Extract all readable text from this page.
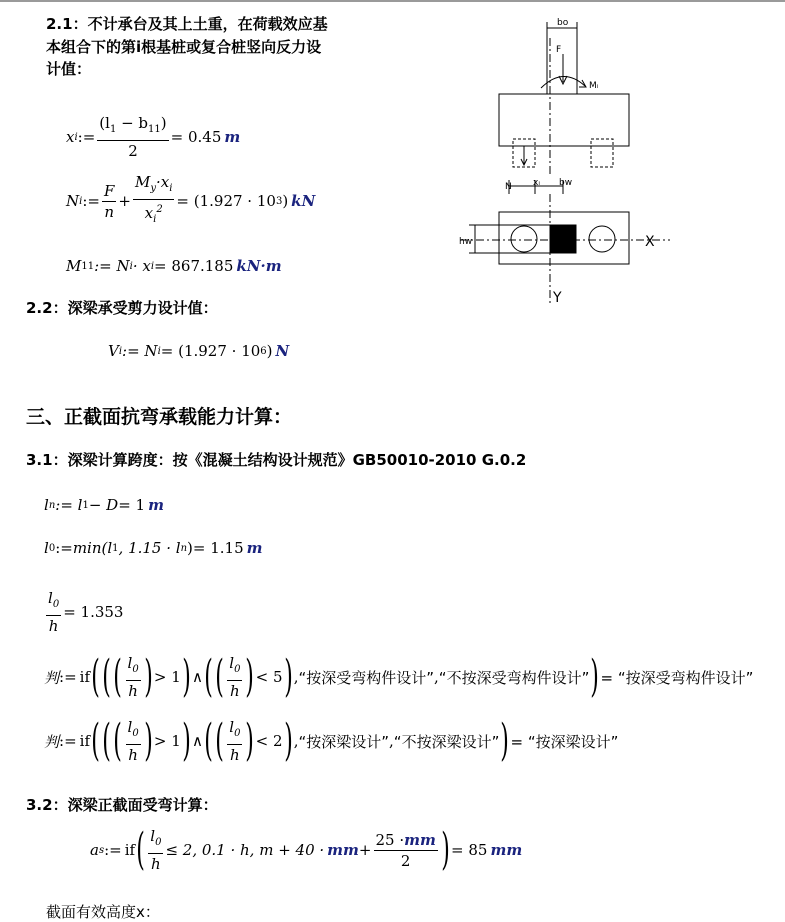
2.1：不计承台及其上土重，在荷载效应基
本组合下的第i根基桩或复合桩竖向反力设
计值：
x i := $\frac{(l_1 - b_{11})}{2} = 0.45$ m
N i := $\frac{F}{n} + \frac{M_y\cdot x_i}{x_i^2} = (1.927 \cdot 10$ 3 ) kN
M 11 := N i · x i = 867.185 kN·m
2.2：深梁承受剪力设计值：
V i := N i = (1.927 · 10 6 ) N
bo
F
Mᵢ
N xᵢ bw
hw	X
Y
三、正截面抗弯承载能力计算：
3.1：深梁计算跨度：按《混凝土结构设计规范》GB50010-2010 G.0.2
l n := l 1 − D = 1 m
l 0 := min (l 1 , 1.15 · l n ) = 1.15 m
$\frac{l_0}{h} = 1.353$
判 := if ( ( ( $\frac{l_0}{h}$ ) > 1 ) ∧ ( ( $\frac{l_0}{h}$ ) < 5 ) , “按深受弯构件设计” , “不按深受弯构件设计” ) = “按深受弯构件设计”
判 := if ( ( ( $\frac{l_0}{h}$ ) > 1 ) ∧ ( ( $\frac{l_0}{h}$ ) < 2 ) , “按深梁设计” , “不按深梁设计” ) = “按深梁设计”
3.2：深梁正截面受弯计算：
a s := if ( $\frac{l_0}{h} \le 2$, 0.1 · h, m + 40 · mm + $\frac{25 \cdot mm}{2}$ ) = 85 mm
截面有效高度x：
